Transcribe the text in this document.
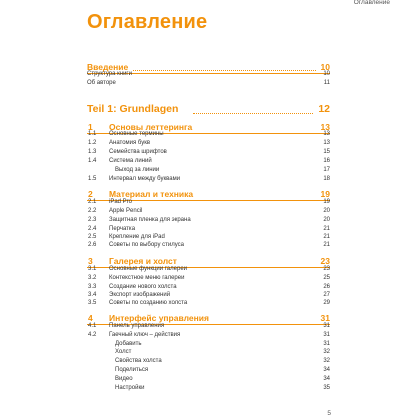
Оглавление
Оглавление
Введение	10
Структура книги	10
Об авторе	11
Teil 1: Grundlagen	12
1 Основы леттеринга	13
1.1 Основные термины	13
1.2 Анатомия букв	13
1.3 Семейства шрифтов	15
1.4 Система линий	16
Выход за линии	17
1.5 Интервал между буквами	18
2 Материал и техника	19
2.1 iPad Pro	19
2.2 Apple Pencil	20
2.3 Защитная пленка для экрана	20
2.4 Перчатка	21
2.5 Крепление для iPad	21
2.6 Советы по выбору стилуса	21
3 Галерея и холст	23
3.1 Основные функции галереи	23
3.2 Контекстное меню галереи	25
3.3 Создание нового холста	26
3.4 Экспорт изображений	27
3.5 Советы по созданию холста	29
4 Интерфейс управления	31
4.1 Панель управления	31
4.2 Гаечный ключ – действия	31
Добавить	31
Холст	32
Свойства холста	32
Поделиться	34
Видео	34
Настройки	35
5
